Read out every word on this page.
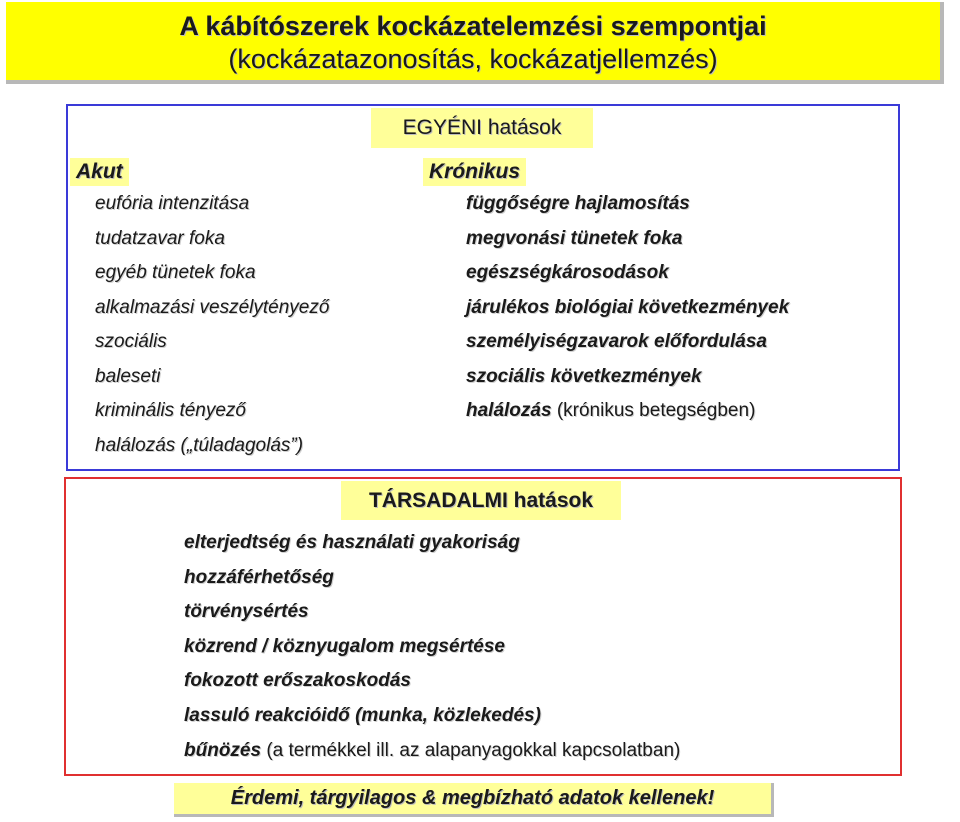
A kábítószerek kockázatelemzési szempontjai
(kockázatazonosítás, kockázatjellemzés)
EGYÉNI hatások
Akut
eufória intenzitása
tudatzavar foka
egyéb tünetek foka
alkalmazási veszélytényező
szociális
baleseti
kriminális tényező
halálozás („túladagolás”)
Krónikus
függőségre hajlamosítás
megvonási tünetek foka
egészségkárosodások
járulékos biológiai következmények
személyiségzavarok előfordulása
szociális következmények
halálozás (krónikus betegségben)
TÁRSADALMI hatások
elterjedtség és használati gyakoriság
hozzáférhetőség
törvénysértés
közrend / köznyugalom megsértése
fokozott erőszakoskodás
lassuló reakcióidő (munka, közlekedés)
bűnözés (a termékkel ill. az alapanyagokkal kapcsolatban)
Érdemi, tárgyilagos & megbízható adatok kellenek!
